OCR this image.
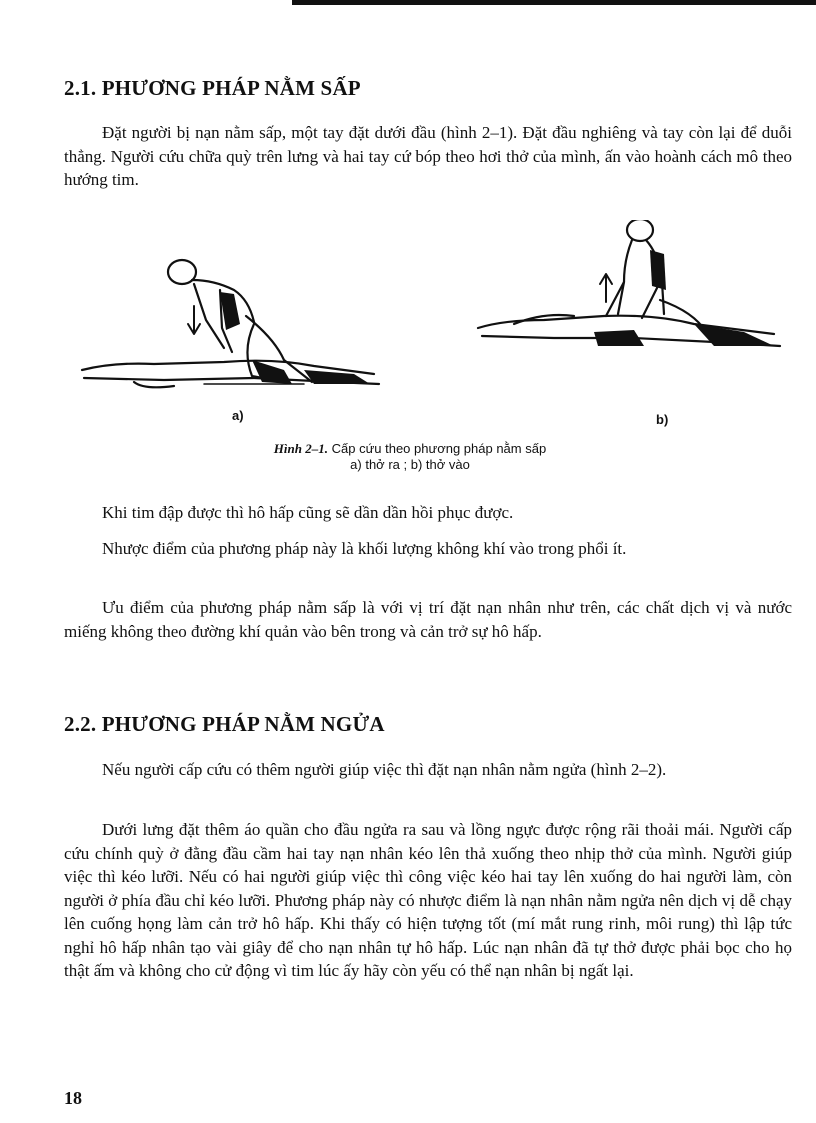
2.1. PHƯƠNG PHÁP NẰM SẤP

Đặt người bị nạn nằm sấp, một tay đặt dưới đầu (hình 2–1). Đặt đầu nghiêng và tay còn lại để duỗi thẳng. Người cứu chữa quỳ trên lưng và hai tay cứ bóp theo hơi thở của mình, ấn vào hoành cách mô theo hướng tim.

a)	b)
Hình 2–1. Cấp cứu theo phương pháp nằm sấp
a) thở ra ; b) thở vào

Khi tim đập được thì hô hấp cũng sẽ dần dần hồi phục được.

Nhược điểm của phương pháp này là khối lượng không khí vào trong phổi ít.

Ưu điểm của phương pháp nằm sấp là với vị trí đặt nạn nhân như trên, các chất dịch vị và nước miếng không theo đường khí quản vào bên trong và cản trở sự hô hấp.

2.2. PHƯƠNG PHÁP NẰM NGỬA

Nếu người cấp cứu có thêm người giúp việc thì đặt nạn nhân nằm ngửa (hình 2–2).

Dưới lưng đặt thêm áo quần cho đầu ngửa ra sau và lồng ngực được rộng rãi thoải mái. Người cấp cứu chính quỳ ở đằng đầu cầm hai tay nạn nhân kéo lên thả xuống theo nhịp thở của mình. Người giúp việc thì kéo lưỡi. Nếu có hai người giúp việc thì công việc kéo hai tay lên xuống do hai người làm, còn người ở phía đầu chỉ kéo lưỡi. Phương pháp này có nhược điểm là nạn nhân nằm ngửa nên dịch vị dễ chạy lên cuống họng làm cản trở hô hấp. Khi thấy có hiện tượng tốt (mí mắt rung rinh, môi rung) thì lập tức nghỉ hô hấp nhân tạo vài giây để cho nạn nhân tự hô hấp. Lúc nạn nhân đã tự thở được phải bọc cho họ thật ấm và không cho cử động vì tim lúc ấy hãy còn yếu có thể nạn nhân bị ngất lại.

18
